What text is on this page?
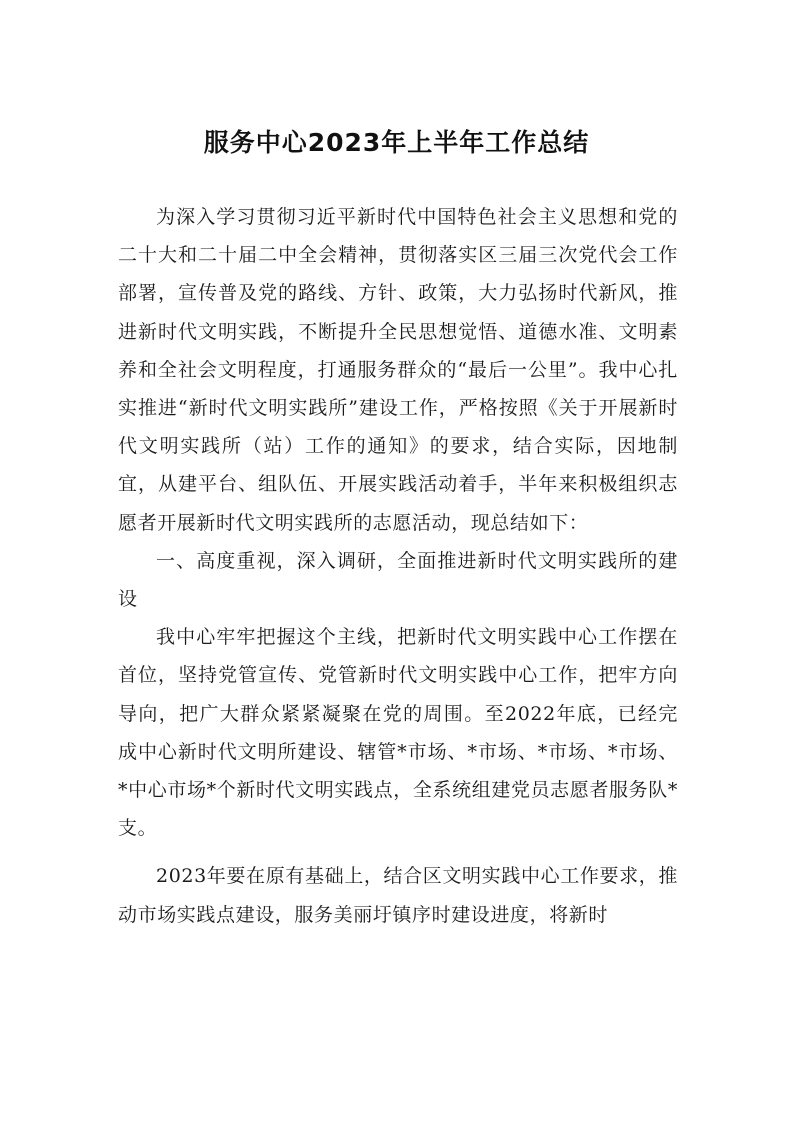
服务中心2023年上半年工作总结

为深入学习贯彻习近平新时代中国特色社会主义思想和党的二十大和二十届二中全会精神，贯彻落实区三届三次党代会工作部署，宣传普及党的路线、方针、政策，大力弘扬时代新风，推进新时代文明实践，不断提升全民思想觉悟、道德水准、文明素养和全社会文明程度，打通服务群众的“最后一公里”。我中心扎实推进“新时代文明实践所”建设工作，严格按照《关于开展新时代文明实践所（站）工作的通知》的要求，结合实际，因地制宜，从建平台、组队伍、开展实践活动着手，半年来积极组织志愿者开展新时代文明实践所的志愿活动，现总结如下：

一、高度重视，深入调研，全面推进新时代文明实践所的建设

我中心牢牢把握这个主线，把新时代文明实践中心工作摆在首位，坚持党管宣传、党管新时代文明实践中心工作，把牢方向导向，把广大群众紧紧凝聚在党的周围。至2022年底，已经完成中心新时代文明所建设、辖管*市场、*市场、*市场、*市场、*中心市场*个新时代文明实践点，全系统组建党员志愿者服务队*支。

2023年要在原有基础上，结合区文明实践中心工作要求，推动市场实践点建设，服务美丽圩镇序时建设进度，将新时
